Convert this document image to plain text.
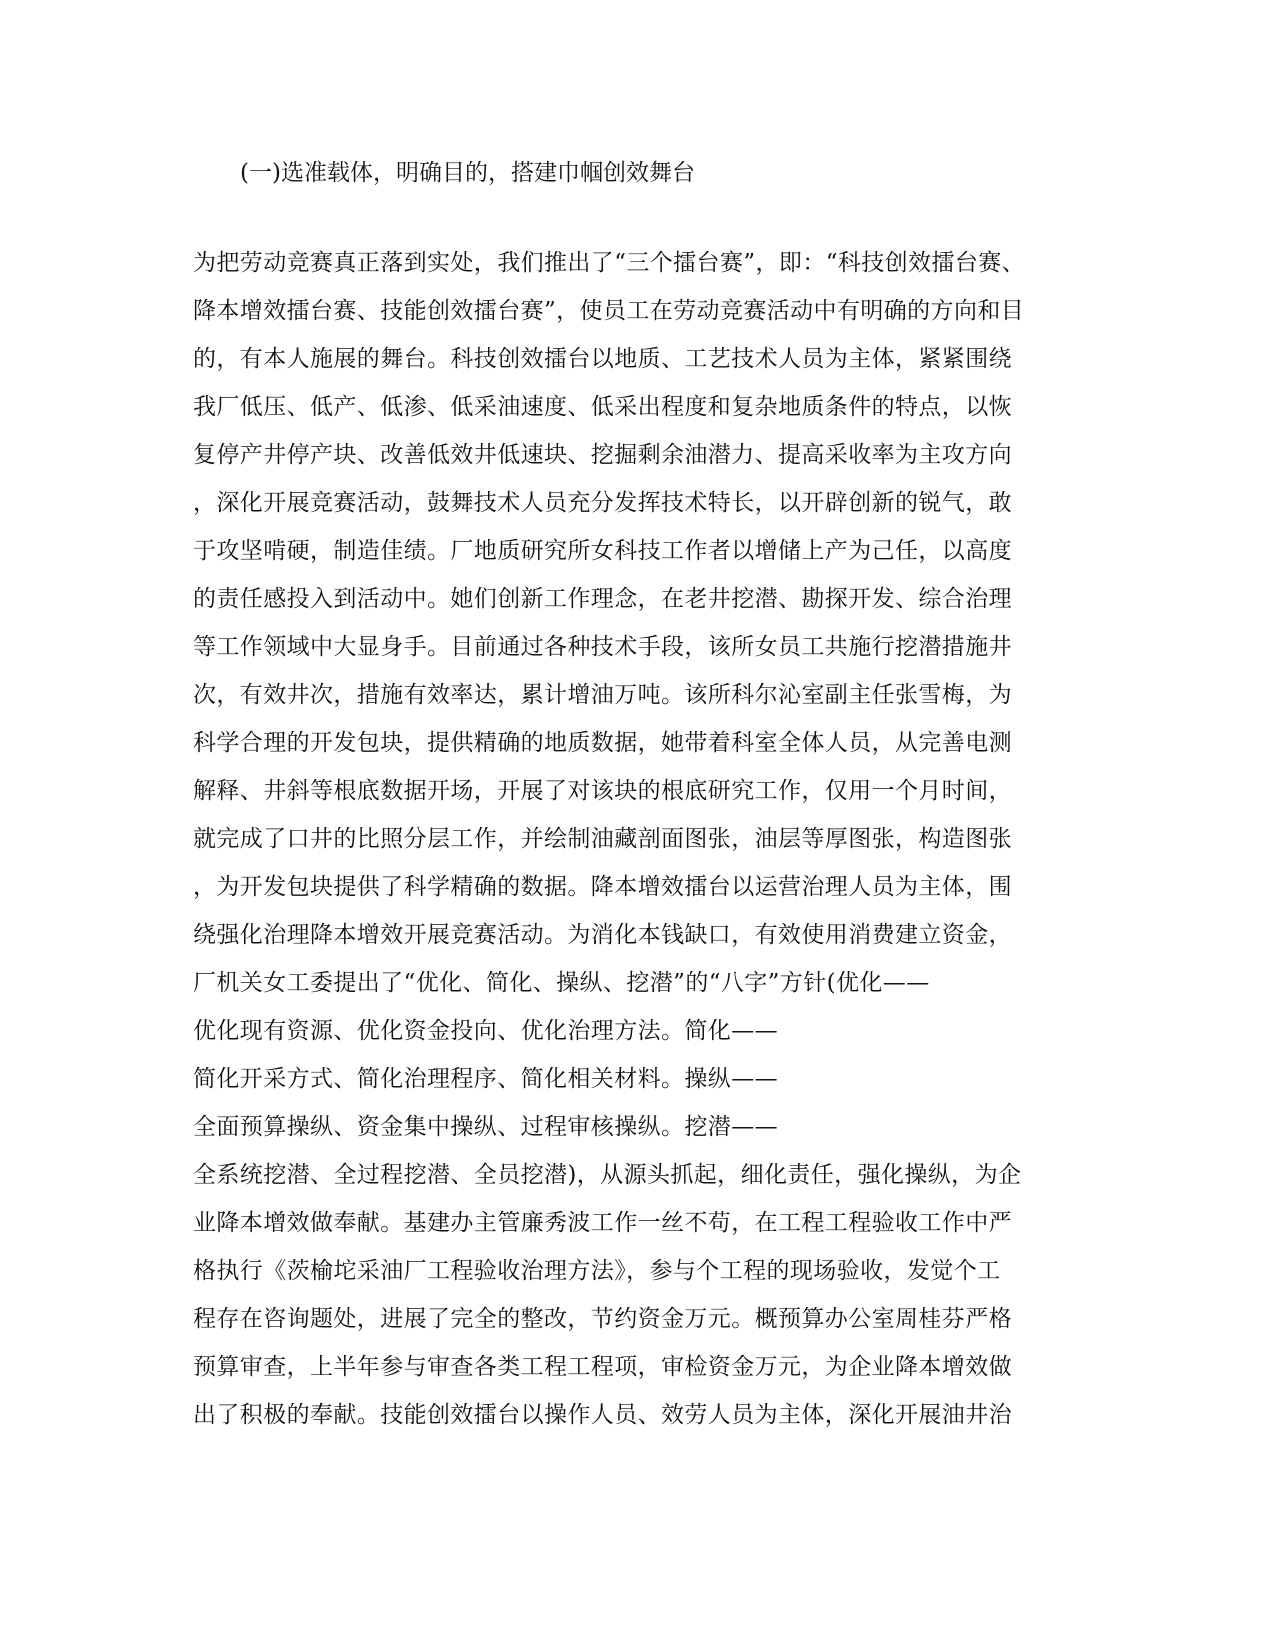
(一)选准载体，明确目的，搭建巾帼创效舞台
为把劳动竞赛真正落到实处，我们推出了“三个擂台赛”，即：“科技创效擂台赛、
降本增效擂台赛、技能创效擂台赛”，使员工在劳动竞赛活动中有明确的方向和目
的，有本人施展的舞台。科技创效擂台以地质、工艺技术人员为主体，紧紧围绕
我厂低压、低产、低渗、低采油速度、低采出程度和复杂地质条件的特点，以恢
复停产井停产块、改善低效井低速块、挖掘剩余油潜力、提高采收率为主攻方向
，深化开展竞赛活动，鼓舞技术人员充分发挥技术特长，以开辟创新的锐气，敢
于攻坚啃硬，制造佳绩。厂地质研究所女科技工作者以增储上产为己任，以高度
的责任感投入到活动中。她们创新工作理念，在老井挖潜、勘探开发、综合治理
等工作领域中大显身手。目前通过各种技术手段，该所女员工共施行挖潜措施井
次，有效井次，措施有效率达，累计增油万吨。该所科尔沁室副主任张雪梅，为
科学合理的开发包块，提供精确的地质数据，她带着科室全体人员，从完善电测
解释、井斜等根底数据开场，开展了对该块的根底研究工作，仅用一个月时间，
就完成了口井的比照分层工作，并绘制油藏剖面图张，油层等厚图张，构造图张
，为开发包块提供了科学精确的数据。降本增效擂台以运营治理人员为主体，围
绕强化治理降本增效开展竞赛活动。为消化本钱缺口，有效使用消费建立资金，
厂机关女工委提出了“优化、简化、操纵、挖潜”的“八字”方针(优化——
优化现有资源、优化资金投向、优化治理方法。简化——
简化开采方式、简化治理程序、简化相关材料。操纵——
全面预算操纵、资金集中操纵、过程审核操纵。挖潜——
全系统挖潜、全过程挖潜、全员挖潜)，从源头抓起，细化责任，强化操纵，为企
业降本增效做奉献。基建办主管廉秀波工作一丝不苟，在工程工程验收工作中严
格执行《茨榆坨采油厂工程验收治理方法》，参与个工程的现场验收，发觉个工
程存在咨询题处，进展了完全的整改，节约资金万元。概预算办公室周桂芬严格
预算审查，上半年参与审查各类工程工程项，审检资金万元，为企业降本增效做
出了积极的奉献。技能创效擂台以操作人员、效劳人员为主体，深化开展油井治
